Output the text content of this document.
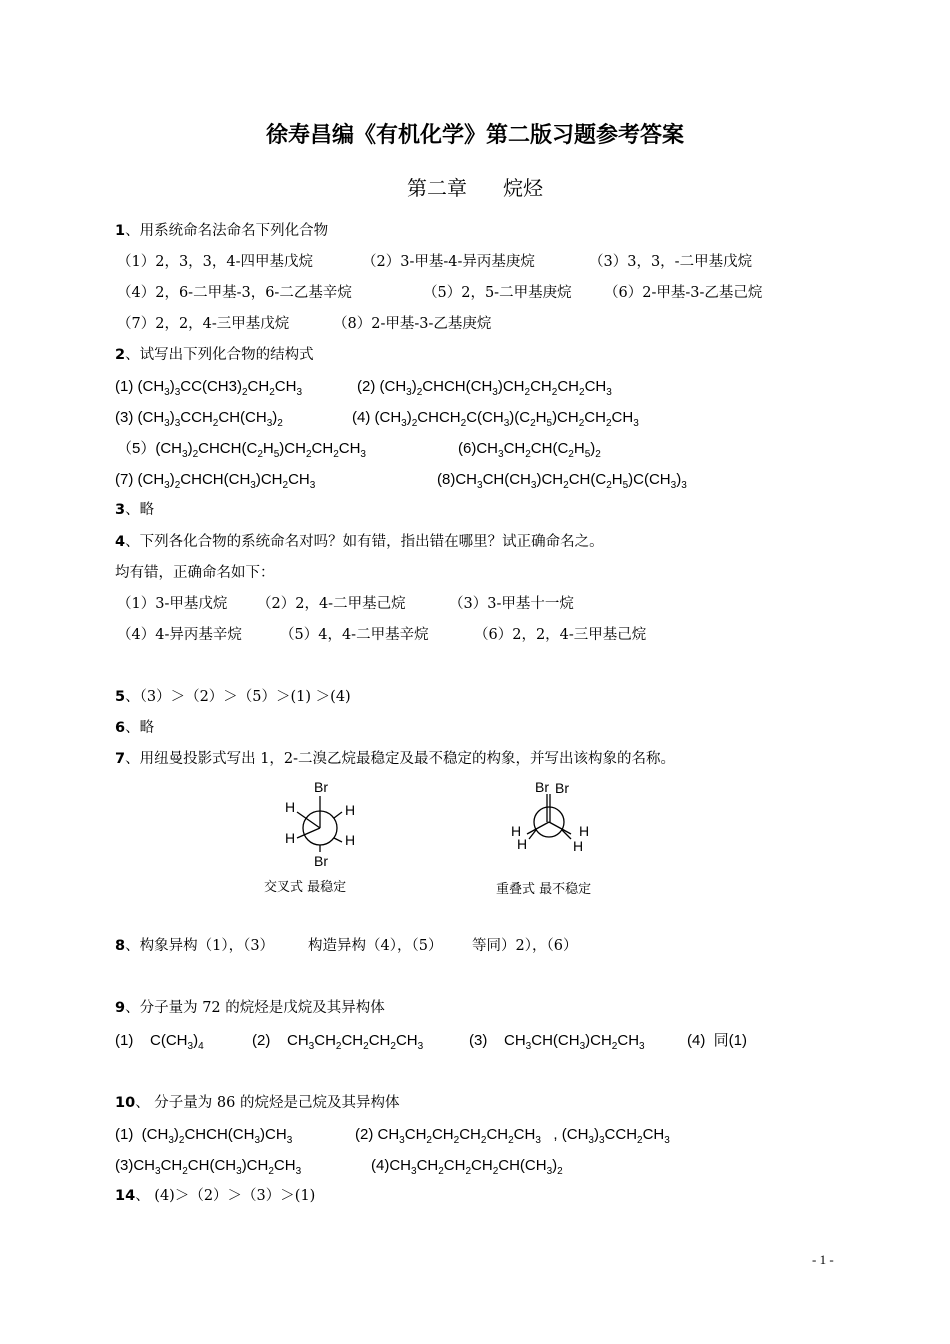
徐寿昌编《有机化学》第二版习题参考答案
第二章 烷烃
1、用系统命名法命名下列化合物
（1）2，3，3，4-四甲基戊烷	（2）3-甲基-4-异丙基庚烷	（3）3，3，-二甲基戊烷
（4）2，6-二甲基-3，6-二乙基辛烷	（5）2，5-二甲基庚烷 （6）2-甲基-3-乙基己烷
（7）2，2，4-三甲基戊烷	（8）2-甲基-3-乙基庚烷
2、试写出下列化合物的结构式
(1) $(CH_3)_3CC(CH3)_2CH_2CH_3$	(2) $(CH_3)_2CHCH(CH_3)CH_2CH_2CH_2CH_3$
(3) $(CH_3)_3CCH_2CH(CH_3)_2$	(4) $(CH_3)_2CHCH_2C(CH_3)(C_2H_5)CH_2CH_2CH_3$
$(5)(CH_3)_2CHCH(C_2H_5)CH_2CH_2CH_3$	$(6)CH_3CH_2CH(C_2H_5)_2$
(7) $(CH_3)_2CHCH(CH_3)CH_2CH_3$	$(8)CH_3CH(CH_3)CH_2CH(C_2H_5)C(CH_3)_3$
3、略
4、下列各化合物的系统命名对吗？如有错，指出错在哪里？试正确命名之。
均有错，正确命名如下：
（1）3-甲基戊烷 （2）2，4-二甲基己烷	（3）3-甲基十一烷
（4）4-异丙基辛烷	（5）4，4-二甲基辛烷	（6）2，2，4-三甲基己烷
5、（3）＞（2）＞（5）＞(1) ＞(4)
6、略
7、用纽曼投影式写出 1，2-二溴乙烷最稳定及最不稳定的构象，并写出该构象的名称。
Br
H	H
H	H
Br
交叉式 最稳定
Br Br
H
H
H
H
重叠式 最不稳定
8、构象异构（1），（3） 构造异构（4），（5） 等同）2），（6）
9、分子量为 72 的烷烃是戊烷及其异构体
(1)    $C(CH_3)_4$	(2)    $CH_3CH_2CH_2CH_2CH_3$	(3)    $CH_3CH(CH_3)CH_2CH_3$	(4)  同(1)
10、 分子量为 86 的烷烃是己烷及其异构体
(1)  $(CH_3)_2CHCH(CH_3)CH_3$	(2) $CH_3CH_2CH_2CH_2CH_2CH_3$   , $(CH_3)_3CCH_2CH_3$
$(3)CH_3CH_2CH(CH_3)CH_2CH_3$	$(4)CH_3CH_2CH_2CH_2CH(CH_3)_2$
14、 (4)＞（2）＞（3）＞(1)
- 1 -
